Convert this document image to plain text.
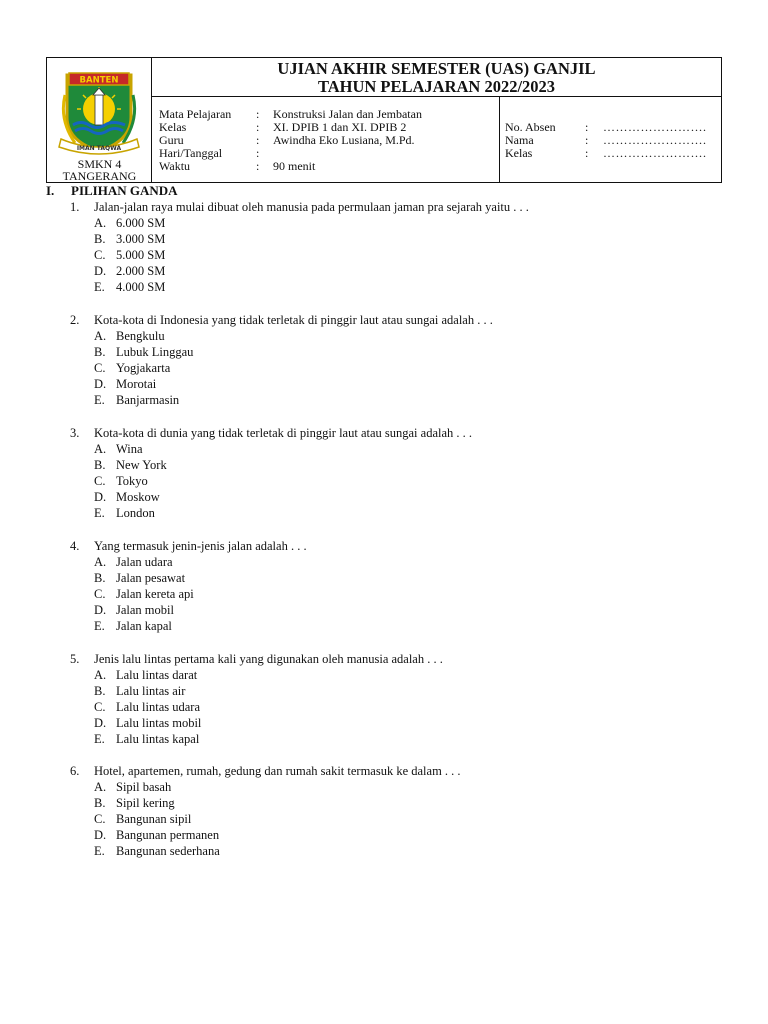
BANTEN
IMAN TAQWA
SMKN 4
TANGERANG
UJIAN AKHIR SEMESTER (UAS) GANJIL
TAHUN PELAJARAN 2022/2023
Mata Pelajaran	:	Konstruksi Jalan dan Jembatan
Kelas	:	XI. DPIB 1 dan XI. DPIB 2
Guru	:	Awindha Eko Lusiana, M.Pd.
Hari/Tanggal	:
Waktu	:	90 menit
No. Absen	:	…………………….
Nama	:	…………………….
Kelas	:	…………………….
I.	PILIHAN GANDA
1.	Jalan-jalan raya mulai dibuat oleh manusia pada permulaan jaman pra sejarah yaitu . . .
A. 6.000 SM
B. 3.000 SM
C. 5.000 SM
D. 2.000 SM
E. 4.000 SM
2.	Kota-kota di Indonesia yang tidak terletak di pinggir laut atau sungai adalah . . .
A. Bengkulu
B. Lubuk Linggau
C. Yogjakarta
D. Morotai
E. Banjarmasin
3.	Kota-kota di dunia yang tidak terletak di pinggir laut atau sungai adalah . . .
A. Wina
B. New York
C. Tokyo
D. Moskow
E. London
4.	Yang termasuk jenin-jenis jalan adalah . . .
A. Jalan udara
B. Jalan pesawat
C. Jalan kereta api
D. Jalan mobil
E. Jalan kapal
5.	Jenis lalu lintas pertama kali yang digunakan oleh manusia adalah . . .
A. Lalu lintas darat
B. Lalu lintas air
C. Lalu lintas udara
D. Lalu lintas mobil
E. Lalu lintas kapal
6.	Hotel, apartemen, rumah, gedung dan rumah sakit termasuk ke dalam . . .
A. Sipil basah
B. Sipil kering
C. Bangunan sipil
D. Bangunan permanen
E. Bangunan sederhana
